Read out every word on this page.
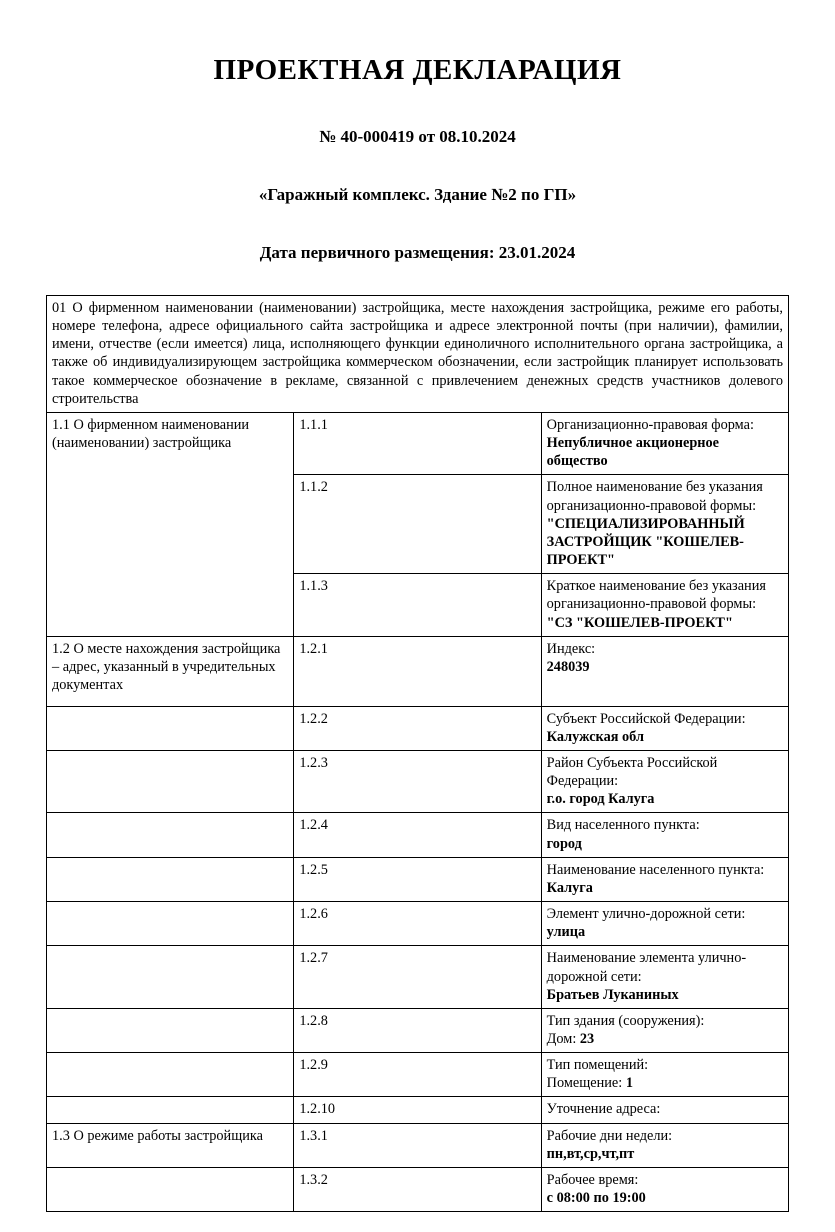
ПРОЕКТНАЯ ДЕКЛАРАЦИЯ
№ 40-000419 от 08.10.2024
«Гаражный комплекс. Здание №2 по ГП»
Дата первичного размещения: 23.01.2024
01 О фирменном наименовании (наименовании) застройщика, месте нахождения застройщика, режиме его работы, номере телефона, адресе официального сайта застройщика и адресе электронной почты (при наличии), фамилии, имени, отчестве (если имеется) лица, исполняющего функции единоличного исполнительного органа застройщика, а также об индивидуализирующем застройщика коммерческом обозначении, если застройщик планирует использовать такое коммерческое обозначение в рекламе, связанной с привлечением денежных средств участников долевого строительства		
1.1 О фирменном наименовании (наименовании) застройщика	1.1.1	Организационно-правовая форма:
Непубличное акционерное общество

	1.1.2	Полное наименование без указания организационно-правовой формы:
"СПЕЦИАЛИЗИРОВАННЫЙ ЗАСТРОЙЩИК "КОШЕЛЕВ-ПРОЕКТ"

	1.1.3	Краткое наименование без указания организационно-правовой формы:
"СЗ "КОШЕЛЕВ-ПРОЕКТ"

1.2 О месте нахождения застройщика – адрес, указанный в учредительных документах	1.2.1	Индекс:
248039

	1.2.2	Субъект Российской Федерации:
Калужская обл

	1.2.3	Район Субъекта Российской Федерации:
г.о. город Калуга

	1.2.4	Вид населенного пункта:
город

	1.2.5	Наименование населенного пункта:
Калуга

	1.2.6	Элемент улично-дорожной сети:
улица

	1.2.7	Наименование элемента улично-дорожной сети:
Братьев Луканиных

	1.2.8	Тип здания (сооружения):
Дом: 23

	1.2.9	Тип помещений:
Помещение: 1

	1.2.10	Уточнение адреса:

1.3 О режиме работы застройщика	1.3.1	Рабочие дни недели:
пн,вт,ср,чт,пт

	1.3.2	Рабочее время:
с 08:00 по 19:00
